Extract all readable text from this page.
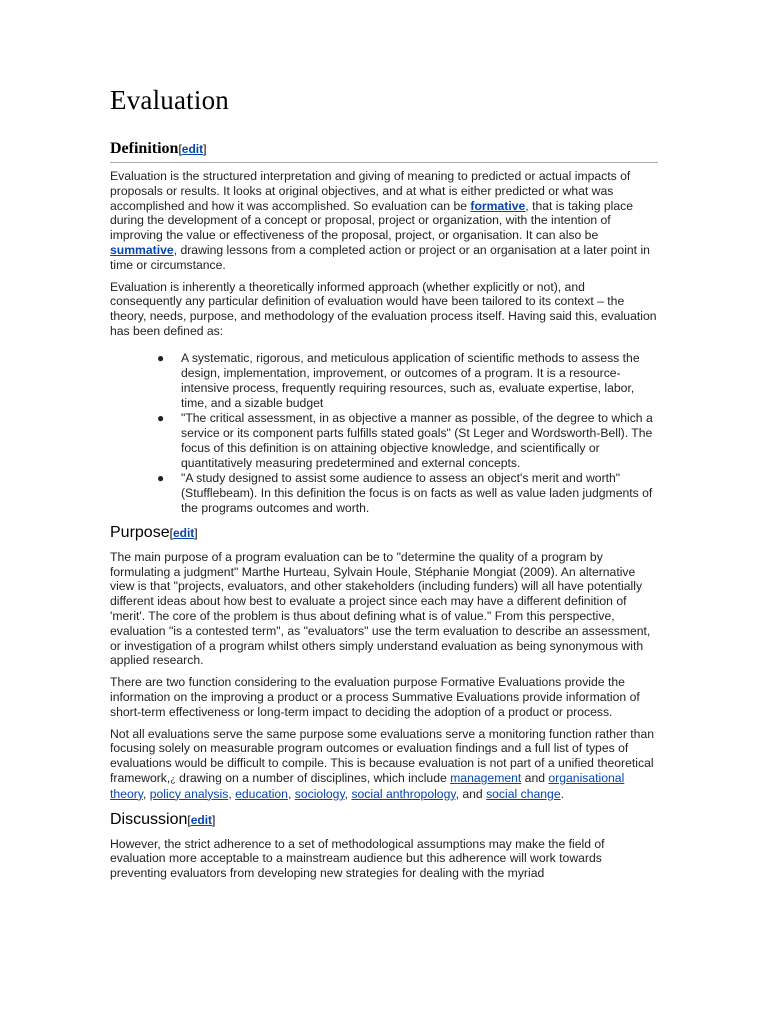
Evaluation
Definition[edit]

Evaluation is the structured interpretation and giving of meaning to predicted or actual impacts of proposals or results. It looks at original objectives, and at what is either predicted or what was accomplished and how it was accomplished. So evaluation can be formative, that is taking place during the development of a concept or proposal, project or organization, with the intention of improving the value or effectiveness of the proposal, project, or organisation. It can also be summative, drawing lessons from a completed action or project or an organisation at a later point in time or circumstance.

Evaluation is inherently a theoretically informed approach (whether explicitly or not), and consequently any particular definition of evaluation would have been tailored to its context – the theory, needs, purpose, and methodology of the evaluation process itself. Having said this, evaluation has been defined as:

● A systematic, rigorous, and meticulous application of scientific methods to assess the design, implementation, improvement, or outcomes of a program. It is a resource-intensive process, frequently requiring resources, such as, evaluate expertise, labor, time, and a sizable budget
● "The critical assessment, in as objective a manner as possible, of the degree to which a service or its component parts fulfills stated goals" (St Leger and Wordsworth-Bell). The focus of this definition is on attaining objective knowledge, and scientifically or quantitatively measuring predetermined and external concepts.
● "A study designed to assist some audience to assess an object's merit and worth" (Stufflebeam). In this definition the focus is on facts as well as value laden judgments of the programs outcomes and worth.
Purpose[edit]

The main purpose of a program evaluation can be to "determine the quality of a program by formulating a judgment" Marthe Hurteau, Sylvain Houle, Stéphanie Mongiat (2009). An alternative view is that "projects, evaluators, and other stakeholders (including funders) will all have potentially different ideas about how best to evaluate a project since each may have a different definition of 'merit'. The core of the problem is thus about defining what is of value." From this perspective, evaluation "is a contested term", as "evaluators" use the term evaluation to describe an assessment, or investigation of a program whilst others simply understand evaluation as being synonymous with applied research.

There are two function considering to the evaluation purpose Formative Evaluations provide the information on the improving a product or a process Summative Evaluations provide information of short-term effectiveness or long-term impact to deciding the adoption of a product or process.

Not all evaluations serve the same purpose some evaluations serve a monitoring function rather than focusing solely on measurable program outcomes or evaluation findings and a full list of types of evaluations would be difficult to compile. This is because evaluation is not part of a unified theoretical framework,¿ drawing on a number of disciplines, which include management and organisational theory, policy analysis, education, sociology, social anthropology, and social change.

Discussion[edit]

However, the strict adherence to a set of methodological assumptions may make the field of evaluation more acceptable to a mainstream audience but this adherence will work towards preventing evaluators from developing new strategies for dealing with the myriad
